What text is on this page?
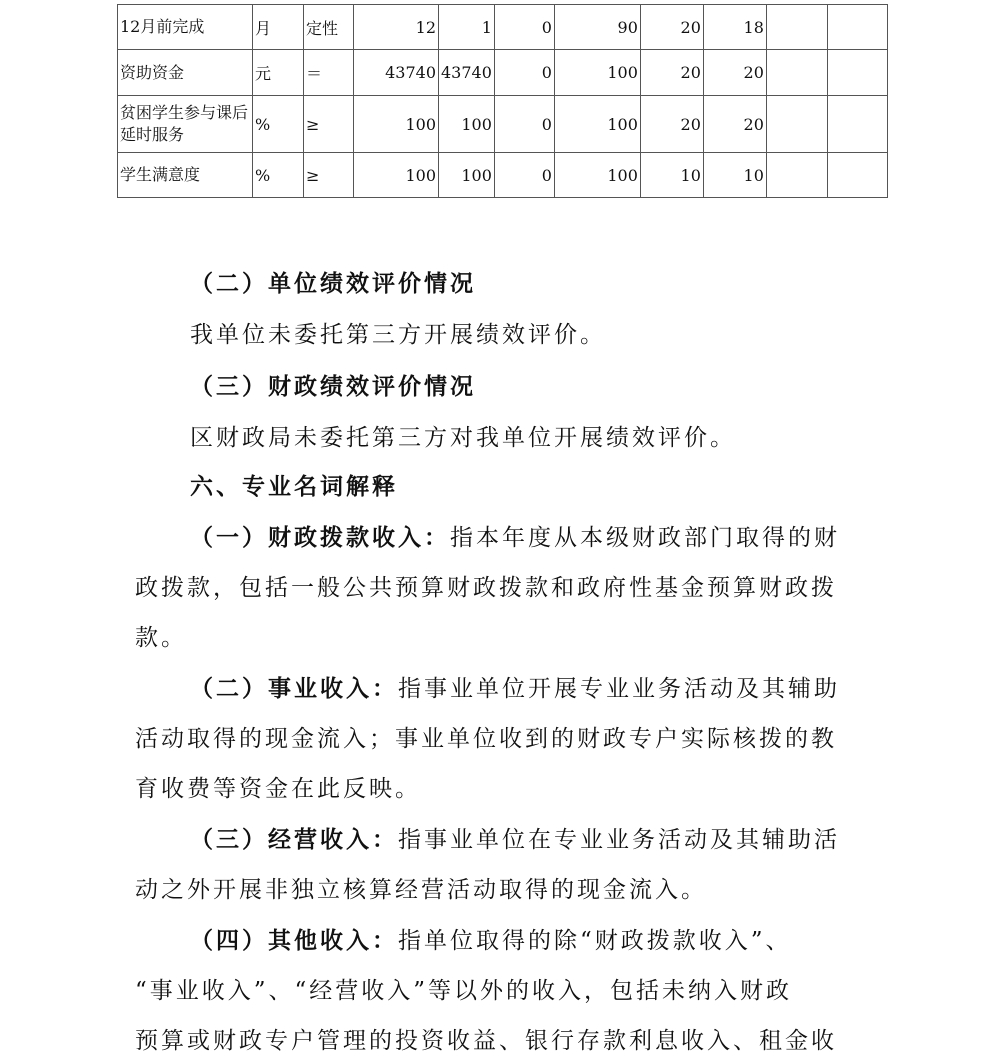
12月前完成	月	定性	12	1	0	90	20	18		
资助资金	元	＝	43740	43740	0	100	20	20		
贫困学生参与课后延时服务	%	≥	100	100	0	100	20	20		
学生满意度	%	≥	100	100	0	100	10	10		
（二）单位绩效评价情况
我单位未委托第三方开展绩效评价。
（三）财政绩效评价情况
区财政局未委托第三方对我单位开展绩效评价。
六、专业名词解释
（一）财政拨款收入：指本年度从本级财政部门取得的财
政拨款，包括一般公共预算财政拨款和政府性基金预算财政拨
款。
（二）事业收入：指事业单位开展专业业务活动及其辅助
活动取得的现金流入；事业单位收到的财政专户实际核拨的教
育收费等资金在此反映。
（三）经营收入：指事业单位在专业业务活动及其辅助活
动之外开展非独立核算经营活动取得的现金流入。
（四）其他收入：指单位取得的除“财政拨款收入”、
“事业收入”、“经营收入”等以外的收入，包括未纳入财政
预算或财政专户管理的投资收益、银行存款利息收入、租金收
